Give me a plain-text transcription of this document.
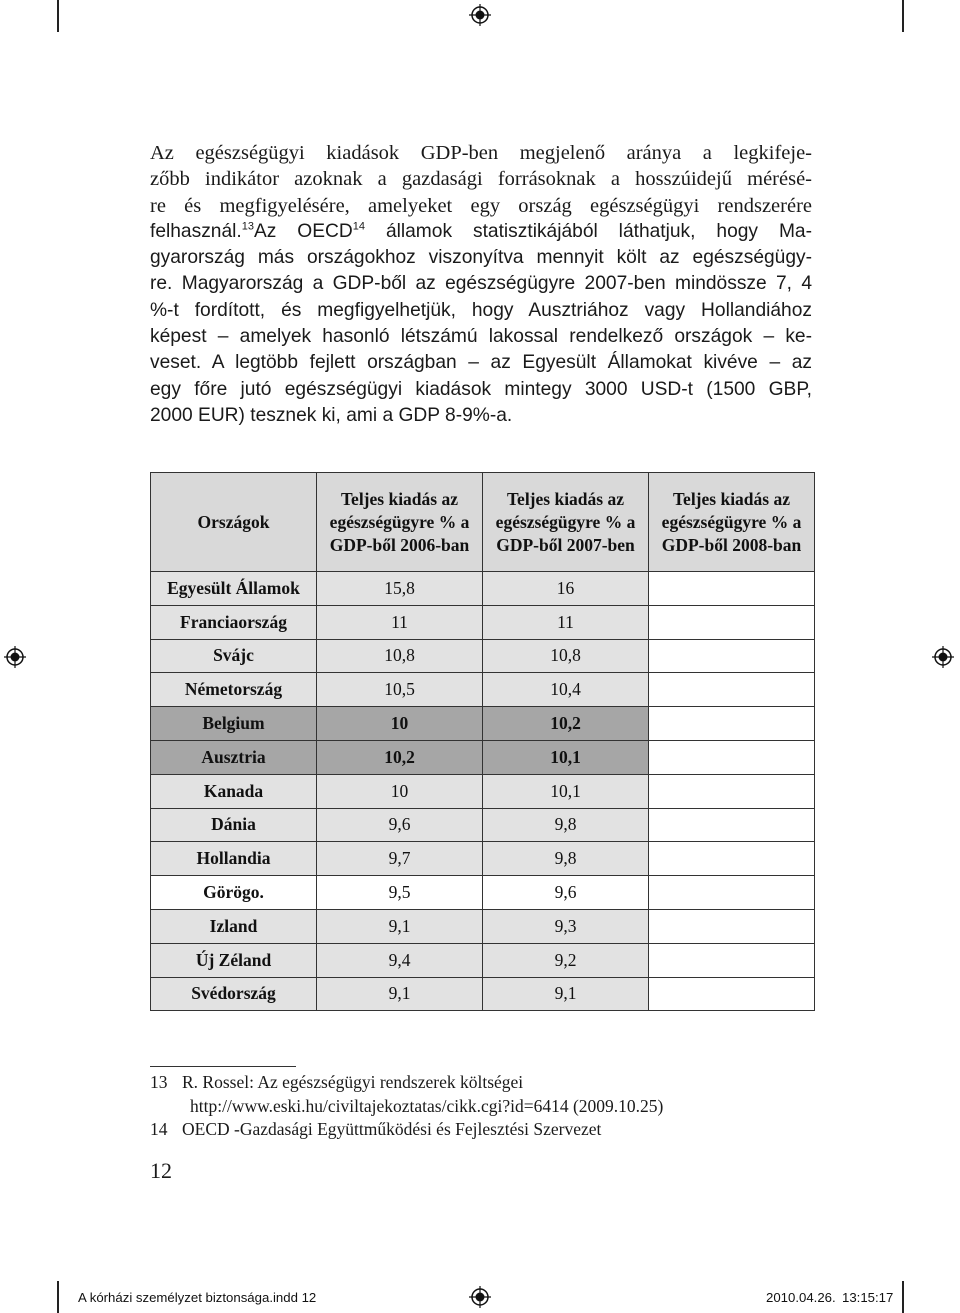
Az egészségügyi kiadások GDP-ben megjelenő aránya a legkifeje-
zőbb indikátor azoknak a gazdasági forrásoknak a hosszúidejű mérésé-
re és megfigyelésére, amelyeket egy ország egészségügyi rendszerére
felhasznál.$^{13}$Az OECD$^{14}$ államok statisztikájából láthatjuk, hogy Ma-
gyarország más országokhoz viszonyítva mennyit költ az egészségügy-
re. Magyarország a GDP-ből az egészségügyre 2007-ben mindössze 7, 4
%-t fordított, és megfigyelhetjük, hogy Ausztriához vagy Hollandiához
képest – amelyek hasonló létszámú lakossal rendelkező országok – ke-
veset. A legtöbb fejlett országban – az Egyesült Államokat kivéve – az
egy főre jutó egészségügyi kiadások mintegy 3000 USD-t (1500 GBP,
2000 EUR) tesznek ki, ami a GDP 8-9%-a.
Országok	Teljes kiadás az egészségügyre % a GDP-ből 2006-ban	Teljes kiadás az egészségügyre % a GDP-ből 2007-ben	Teljes kiadás az egészségügyre % a GDP-ből 2008-ban
Egyesült Államok	15,8	16	
Franciaország	11	11	
Svájc	10,8	10,8	
Németország	10,5	10,4	
Belgium	10	10,2	
Ausztria	10,2	10,1	
Kanada	10	10,1	
Dánia	9,6	9,8	
Hollandia	9,7	9,8	
Görögo.	9,5	9,6	
Izland	9,1	9,3	
Új Zéland	9,4	9,2	
Svédország	9,1	9,1	
13 R. Rossel: Az egészségügyi rendszerek költségei
http://www.eski.hu/civiltajekoztatas/cikk.cgi?id=6414 (2009.10.25)
14 OECD -Gazdasági Együttműködési és Fejlesztési Szervezet
12
A kórházi személyzet biztonsága.indd 12	2010.04.26. 13:15:17
